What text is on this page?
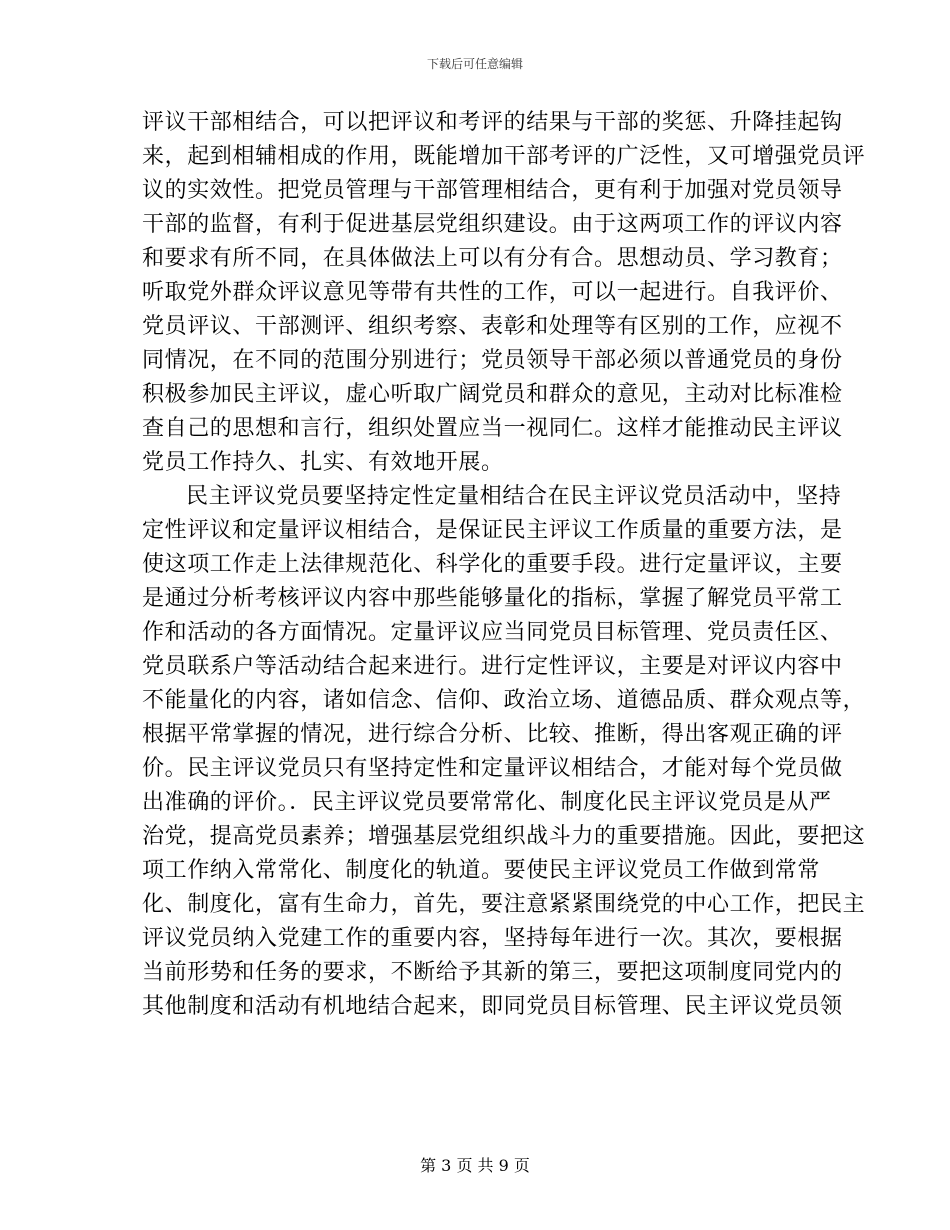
下载后可任意编辑
评议干部相结合，可以把评议和考评的结果与干部的奖惩、升降挂起钩
来，起到相辅相成的作用，既能增加干部考评的广泛性，又可增强党员评
议的实效性。把党员管理与干部管理相结合，更有利于加强对党员领导
干部的监督，有利于促进基层党组织建设。由于这两项工作的评议内容
和要求有所不同，在具体做法上可以有分有合。思想动员、学习教育；
听取党外群众评议意见等带有共性的工作，可以一起进行。自我评价、
党员评议、干部测评、组织考察、表彰和处理等有区别的工作，应视不
同情况，在不同的范围分别进行；党员领导干部必须以普通党员的身份
积极参加民主评议，虚心听取广阔党员和群众的意见，主动对比标准检
查自己的思想和言行，组织处置应当一视同仁。这样才能推动民主评议
党员工作持久、扎实、有效地开展。
民主评议党员要坚持定性定量相结合在民主评议党员活动中，坚持
定性评议和定量评议相结合，是保证民主评议工作质量的重要方法，是
使这项工作走上法律规范化、科学化的重要手段。进行定量评议，主要
是通过分析考核评议内容中那些能够量化的指标，掌握了解党员平常工
作和活动的各方面情况。定量评议应当同党员目标管理、党员责任区、
党员联系户等活动结合起来进行。进行定性评议，主要是对评议内容中
不能量化的内容，诸如信念、信仰、政治立场、道德品质、群众观点等，
根据平常掌握的情况，进行综合分析、比较、推断，得出客观正确的评
价。民主评议党员只有坚持定性和定量评议相结合，才能对每个党员做
出准确的评价。．民主评议党员要常常化、制度化民主评议党员是从严
治党，提高党员素养；增强基层党组织战斗力的重要措施。因此，要把这
项工作纳入常常化、制度化的轨道。要使民主评议党员工作做到常常
化、制度化，富有生命力，首先，要注意紧紧围绕党的中心工作，把民主
评议党员纳入党建工作的重要内容，坚持每年进行一次。其次，要根据
当前形势和任务的要求，不断给予其新的第三，要把这项制度同党内的
其他制度和活动有机地结合起来，即同党员目标管理、民主评议党员领
第 3 页 共 9 页
